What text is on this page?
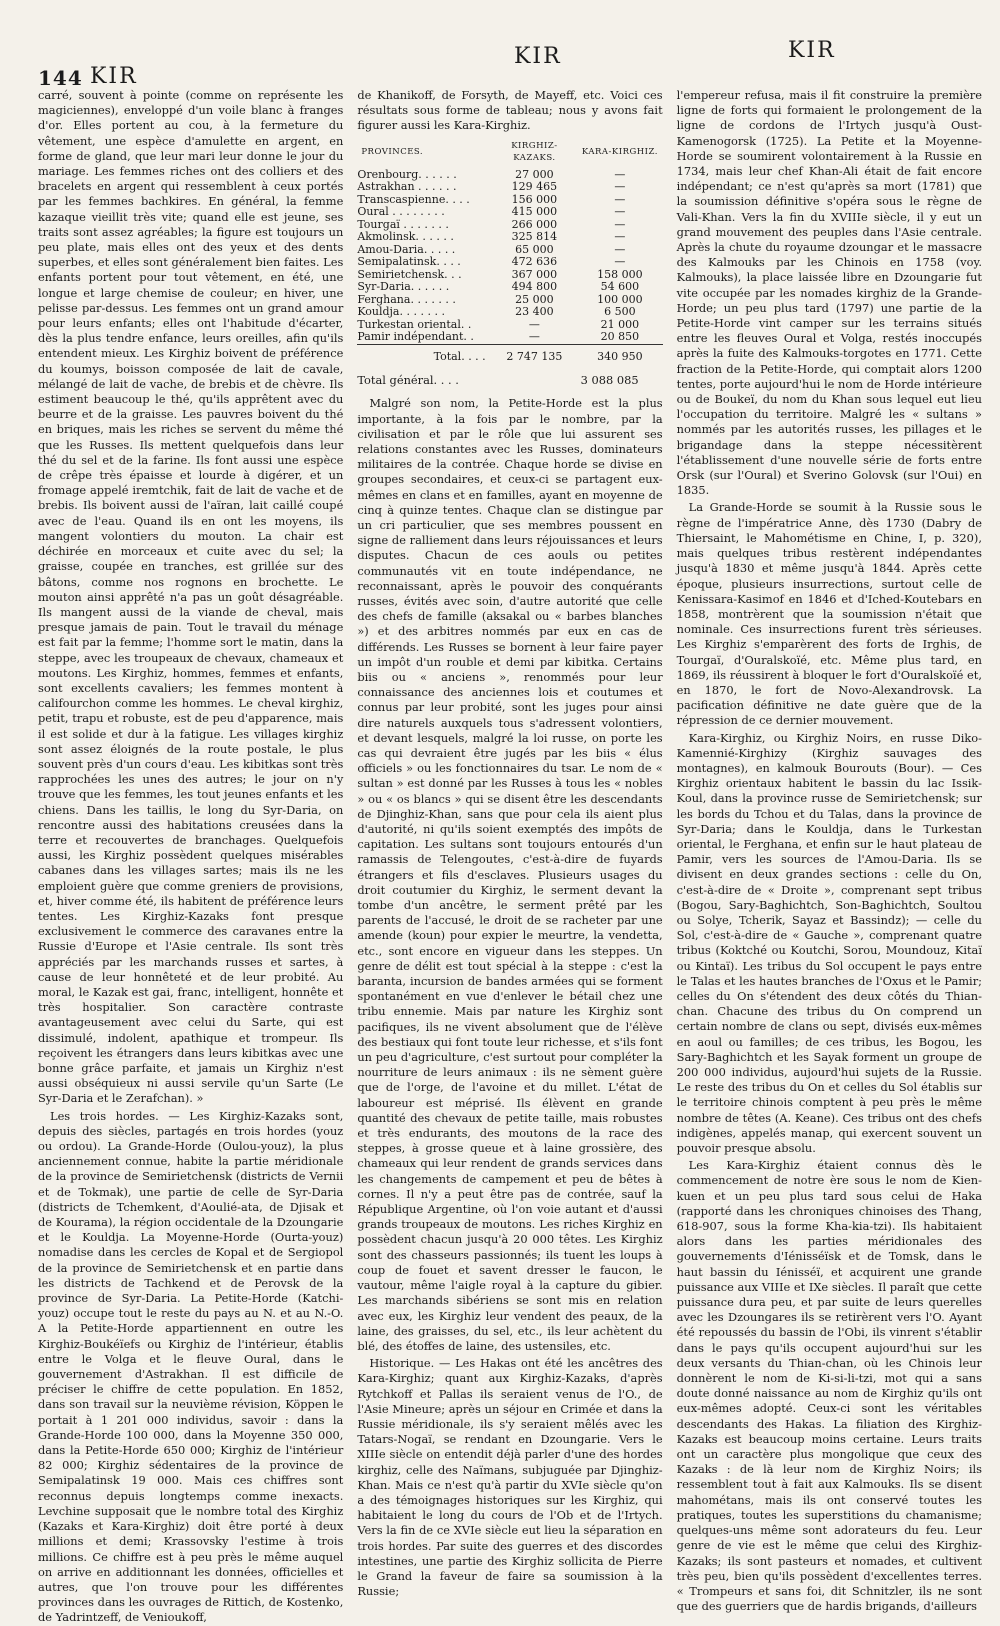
144 KIR
KIR	KIR

carré, souvent à pointe (comme on représente les magiciennes), enveloppé d'un voile blanc à franges d'or. Elles portent au cou, à la fermeture du vêtement, une espèce d'amulette en argent, en forme de gland, que leur mari leur donne le jour du mariage. Les femmes riches ont des colliers et des bracelets en argent qui ressemblent à ceux portés par les femmes bachkires. En général, la femme kazaque vieillit très vite; quand elle est jeune, ses traits sont assez agréables; la figure est toujours un peu plate, mais elles ont des yeux et des dents superbes, et elles sont généralement bien faites. Les enfants portent pour tout vêtement, en été, une longue et large chemise de couleur; en hiver, une pelisse par-dessus. Les femmes ont un grand amour pour leurs enfants; elles ont l'habitude d'écarter, dès la plus tendre enfance, leurs oreilles, afin qu'ils entendent mieux. Les Kirghiz boivent de préférence du koumys, boisson composée de lait de cavale, mélangé de lait de vache, de brebis et de chèvre. Ils estiment beaucoup le thé, qu'ils apprêtent avec du beurre et de la graisse. Les pauvres boivent du thé en briques, mais les riches se servent du même thé que les Russes. Ils mettent quelquefois dans leur thé du sel et de la farine. Ils font aussi une espèce de crêpe très épaisse et lourde à digérer, et un fromage appelé iremtchik, fait de lait de vache et de brebis. Ils boivent aussi de l'aïran, lait caillé coupé avec de l'eau. Quand ils en ont les moyens, ils mangent volontiers du mouton. La chair est déchirée en morceaux et cuite avec du sel; la graisse, coupée en tranches, est grillée sur des bâtons, comme nos rognons en brochette. Le mouton ainsi apprêté n'a pas un goût désagréable. Ils mangent aussi de la viande de cheval, mais presque jamais de pain. Tout le travail du ménage est fait par la femme; l'homme sort le matin, dans la steppe, avec les troupeaux de chevaux, chameaux et moutons. Les Kirghiz, hommes, femmes et enfants, sont excellents cavaliers; les femmes montent à califourchon comme les hommes. Le cheval kirghiz, petit, trapu et robuste, est de peu d'apparence, mais il est solide et dur à la fatigue. Les villages kirghiz sont assez éloignés de la route postale, le plus souvent près d'un cours d'eau. Les kibitkas sont très rapprochées les unes des autres; le jour on n'y trouve que les femmes, les tout jeunes enfants et les chiens. Dans les taillis, le long du Syr-Daria, on rencontre aussi des habitations creusées dans la terre et recouvertes de branchages. Quelquefois aussi, les Kirghiz possèdent quelques misérables cabanes dans les villages sartes; mais ils ne les emploient guère que comme greniers de provisions, et, hiver comme été, ils habitent de préférence leurs tentes. Les Kirghiz-Kazaks font presque exclusivement le commerce des caravanes entre la Russie d'Europe et l'Asie centrale. Ils sont très appréciés par les marchands russes et sartes, à cause de leur honnêteté et de leur probité. Au moral, le Kazak est gai, franc, intelligent, honnête et très hospitalier. Son caractère contraste avantageusement avec celui du Sarte, qui est dissimulé, indolent, apathique et trompeur. Ils reçoivent les étrangers dans leurs kibitkas avec une bonne grâce parfaite, et jamais un Kirghiz n'est aussi obséquieux ni aussi servile qu'un Sarte (Le Syr-Daria et le Zerafchan). »

Les trois hordes. — Les Kirghiz-Kazaks sont, depuis des siècles, partagés en trois hordes (youz ou ordou). La Grande-Horde (Oulou-youz), la plus anciennement connue, habite la partie méridionale de la province de Semirietchensk (districts de Vernii et de Tokmak), une partie de celle de Syr-Daria (districts de Tchemkent, d'Aoulié-ata, de Djisak et de Kourama), la région occidentale de la Dzoungarie et le Kouldja. La Moyenne-Horde (Ourta-youz) nomadise dans les cercles de Kopal et de Sergiopol de la province de Semirietchensk et en partie dans les districts de Tachkend et de Perovsk de la province de Syr-Daria. La Petite-Horde (Katchi-youz) occupe tout le reste du pays au N. et au N.-O. A la Petite-Horde appartiennent en outre les Kirghiz-Boukéïefs ou Kirghiz de l'intérieur, établis entre le Volga et le fleuve Oural, dans le gouvernement d'Astrakhan. Il est difficile de préciser le chiffre de cette population. En 1852, dans son travail sur la neuvième révision, Köppen le portait à 1 201 000 individus, savoir : dans la Grande-Horde 100 000, dans la Moyenne 350 000, dans la Petite-Horde 650 000; Kirghiz de l'intérieur 82 000; Kirghiz sédentaires de la province de Semipalatinsk 19 000. Mais ces chiffres sont reconnus depuis longtemps comme inexacts. Levchine supposait que le nombre total des Kirghiz (Kazaks et Kara-Kirghiz) doit être porté à deux millions et demi; Krassovsky l'estime à trois millions. Ce chiffre est à peu près le même auquel on arrive en additionnant les données, officielles et autres, que l'on trouve pour les différentes provinces dans les ouvrages de Rittich, de Kostenko, de Yadrintzeff, de Venioukoff,

de Khanikoff, de Forsyth, de Mayeff, etc. Voici ces résultats sous forme de tableau; nous y avons fait figurer aussi les Kara-Kirghiz.

PROVINCES.	KIRGHIZ-KAZAKS.	KARA-KIRGHIZ.
Orenbourg. . . . . .	27 000	—
Astrakhan . . . . . .	129 465	—
Transcaspienne. . . .	156 000	—
Oural . . . . . . . .	415 000	—
Tourgaï . . . . . . .	266 000	—
Akmolinsk. . . . . .	325 814	—
Amou-Daria. . . . .	65 000	—
Semipalatinsk. . . .	472 636	—
Semirietchensk. . .	367 000	158 000
Syr-Daria. . . . . .	494 800	54 600
Ferghana. . . . . . .	25 000	100 000
Kouldja. . . . . . .	23 400	6 500
Turkestan oriental. .	—	21 000
Pamir indépendant. .	—	20 850
Total. . . .	2 747 135	340 950
Total général. . . .	3 088 085

Malgré son nom, la Petite-Horde est la plus importante, à la fois par le nombre, par la civilisation et par le rôle que lui assurent ses relations constantes avec les Russes, dominateurs militaires de la contrée. Chaque horde se divise en groupes secondaires, et ceux-ci se partagent eux-mêmes en clans et en familles, ayant en moyenne de cinq à quinze tentes. Chaque clan se distingue par un cri particulier, que ses membres poussent en signe de ralliement dans leurs réjouissances et leurs disputes. Chacun de ces aouls ou petites communautés vit en toute indépendance, ne reconnaissant, après le pouvoir des conquérants russes, évités avec soin, d'autre autorité que celle des chefs de famille (aksakal ou « barbes blanches ») et des arbitres nommés par eux en cas de différends. Les Russes se bornent à leur faire payer un impôt d'un rouble et demi par kibitka. Certains biis ou « anciens », renommés pour leur connaissance des anciennes lois et coutumes et connus par leur probité, sont les juges pour ainsi dire naturels auxquels tous s'adressent volontiers, et devant lesquels, malgré la loi russe, on porte les cas qui devraient être jugés par les biis « élus officiels » ou les fonctionnaires du tsar. Le nom de « sultan » est donné par les Russes à tous les « nobles » ou « os blancs » qui se disent être les descendants de Djinghiz-Khan, sans que pour cela ils aient plus d'autorité, ni qu'ils soient exemptés des impôts de capitation. Les sultans sont toujours entourés d'un ramassis de Telengoutes, c'est-à-dire de fuyards étrangers et fils d'esclaves. Plusieurs usages du droit coutumier du Kirghiz, le serment devant la tombe d'un ancêtre, le serment prêté par les parents de l'accusé, le droit de se racheter par une amende (koun) pour expier le meurtre, la vendetta, etc., sont encore en vigueur dans les steppes. Un genre de délit est tout spécial à la steppe : c'est la baranta, incursion de bandes armées qui se forment spontanément en vue d'enlever le bétail chez une tribu ennemie. Mais par nature les Kirghiz sont pacifiques, ils ne vivent absolument que de l'élève des bestiaux qui font toute leur richesse, et s'ils font un peu d'agriculture, c'est surtout pour compléter la nourriture de leurs animaux : ils ne sèment guère que de l'orge, de l'avoine et du millet. L'état de laboureur est méprisé. Ils élèvent en grande quantité des chevaux de petite taille, mais robustes et très endurants, des moutons de la race des steppes, à grosse queue et à laine grossière, des chameaux qui leur rendent de grands services dans les changements de campement et peu de bêtes à cornes. Il n'y a peut être pas de contrée, sauf la République Argentine, où l'on voie autant et d'aussi grands troupeaux de moutons. Les riches Kirghiz en possèdent chacun jusqu'à 20 000 têtes. Les Kirghiz sont des chasseurs passionnés; ils tuent les loups à coup de fouet et savent dresser le faucon, le vautour, même l'aigle royal à la capture du gibier. Les marchands sibériens se sont mis en relation avec eux, les Kirghiz leur vendent des peaux, de la laine, des graisses, du sel, etc., ils leur achètent du blé, des étoffes de laine, des ustensiles, etc.

Historique. — Les Hakas ont été les ancêtres des Kara-Kirghiz; quant aux Kirghiz-Kazaks, d'après Rytchkoff et Pallas ils seraient venus de l'O., de l'Asie Mineure; après un séjour en Crimée et dans la Russie méridionale, ils s'y seraient mêlés avec les Tatars-Nogaï, se rendant en Dzoungarie. Vers le XIIIe siècle on entendit déjà parler d'une des hordes kirghiz, celle des Naïmans, subjuguée par Djinghiz-Khan. Mais ce n'est qu'à partir du XVIe siècle qu'on a des témoignages historiques sur les Kirghiz, qui habitaient le long du cours de l'Ob et de l'Irtych. Vers la fin de ce XVIe siècle eut lieu la séparation en trois hordes. Par suite des guerres et des discordes intestines, une partie des Kirghiz sollicita de Pierre le Grand la faveur de faire sa soumission à la Russie;

l'empereur refusa, mais il fit construire la première ligne de forts qui formaient le prolongement de la ligne de cordons de l'Irtych jusqu'à Oust-Kamenogorsk (1725). La Petite et la Moyenne-Horde se soumirent volontairement à la Russie en 1734, mais leur chef Khan-Ali était de fait encore indépendant; ce n'est qu'après sa mort (1781) que la soumission définitive s'opéra sous le règne de Vali-Khan. Vers la fin du XVIIIe siècle, il y eut un grand mouvement des peuples dans l'Asie centrale. Après la chute du royaume dzoungar et le massacre des Kalmouks par les Chinois en 1758 (voy. Kalmouks), la place laissée libre en Dzoungarie fut vite occupée par les nomades kirghiz de la Grande-Horde; un peu plus tard (1797) une partie de la Petite-Horde vint camper sur les terrains situés entre les fleuves Oural et Volga, restés inoccupés après la fuite des Kalmouks-torgotes en 1771. Cette fraction de la Petite-Horde, qui comptait alors 1200 tentes, porte aujourd'hui le nom de Horde intérieure ou de Boukeï, du nom du Khan sous lequel eut lieu l'occupation du territoire. Malgré les « sultans » nommés par les autorités russes, les pillages et le brigandage dans la steppe nécessitèrent l'établissement d'une nouvelle série de forts entre Orsk (sur l'Oural) et Sverino Golovsk (sur l'Oui) en 1835.

La Grande-Horde se soumit à la Russie sous le règne de l'impératrice Anne, dès 1730 (Dabry de Thiersaint, le Mahométisme en Chine, I, p. 320), mais quelques tribus restèrent indépendantes jusqu'à 1830 et même jusqu'à 1844. Après cette époque, plusieurs insurrections, surtout celle de Kenissara-Kasimof en 1846 et d'Iched-Koutebars en 1858, montrèrent que la soumission n'était que nominale. Ces insurrections furent très sérieuses. Les Kirghiz s'emparèrent des forts de Irghis, de Tourgaï, d'Ouralskoïé, etc. Même plus tard, en 1869, ils réussirent à bloquer le fort d'Ouralskoïé et, en 1870, le fort de Novo-Alexandrovsk. La pacification définitive ne date guère que de la répression de ce dernier mouvement.

Kara-Kirghiz, ou Kirghiz Noirs, en russe Diko-Kamennié-Kirghizy (Kirghiz sauvages des montagnes), en kalmouk Bourouts (Bour). — Ces Kirghiz orientaux habitent le bassin du lac Issik-Koul, dans la province russe de Semirietchensk; sur les bords du Tchou et du Talas, dans la province de Syr-Daria; dans le Kouldja, dans le Turkestan oriental, le Ferghana, et enfin sur le haut plateau de Pamir, vers les sources de l'Amou-Daria. Ils se divisent en deux grandes sections : celle du On, c'est-à-dire de « Droite », comprenant sept tribus (Bogou, Sary-Baghichtch, Son-Baghichtch, Soultou ou Solye, Tcherik, Sayaz et Bassindz); — celle du Sol, c'est-à-dire de « Gauche », comprenant quatre tribus (Koktché ou Koutchi, Sorou, Moundouz, Kitaï ou Kintaï). Les tribus du Sol occupent le pays entre le Talas et les hautes branches de l'Oxus et le Pamir; celles du On s'étendent des deux côtés du Thian-chan. Chacune des tribus du On comprend un certain nombre de clans ou sept, divisés eux-mêmes en aoul ou familles; de ces tribus, les Bogou, les Sary-Baghichtch et les Sayak forment un groupe de 200 000 individus, aujourd'hui sujets de la Russie. Le reste des tribus du On et celles du Sol établis sur le territoire chinois comptent à peu près le même nombre de têtes (A. Keane). Ces tribus ont des chefs indigènes, appelés manap, qui exercent souvent un pouvoir presque absolu.

Les Kara-Kirghiz étaient connus dès le commencement de notre ère sous le nom de Kien-kuen et un peu plus tard sous celui de Haka (rapporté dans les chroniques chinoises des Thang, 618-907, sous la forme Kha-kia-tzi). Ils habitaient alors dans les parties méridionales des gouvernements d'Iénisséïsk et de Tomsk, dans le haut bassin du Iénisséï, et acquirent une grande puissance aux VIIIe et IXe siècles. Il paraît que cette puissance dura peu, et par suite de leurs querelles avec les Dzoungares ils se retirèrent vers l'O. Ayant été repoussés du bassin de l'Obi, ils vinrent s'établir dans le pays qu'ils occupent aujourd'hui sur les deux versants du Thian-chan, où les Chinois leur donnèrent le nom de Ki-si-li-tzi, mot qui a sans doute donné naissance au nom de Kirghiz qu'ils ont eux-mêmes adopté. Ceux-ci sont les véritables descendants des Hakas. La filiation des Kirghiz-Kazaks est beaucoup moins certaine. Leurs traits ont un caractère plus mongolique que ceux des Kazaks : de là leur nom de Kirghiz Noirs; ils ressemblent tout à fait aux Kalmouks. Ils se disent mahométans, mais ils ont conservé toutes les pratiques, toutes les superstitions du chamanisme; quelques-uns même sont adorateurs du feu. Leur genre de vie est le même que celui des Kirghiz-Kazaks; ils sont pasteurs et nomades, et cultivent très peu, bien qu'ils possèdent d'excellentes terres. « Trompeurs et sans foi, dit Schnitzler, ils ne sont que des guerriers que de hardis brigands, d'ailleurs
